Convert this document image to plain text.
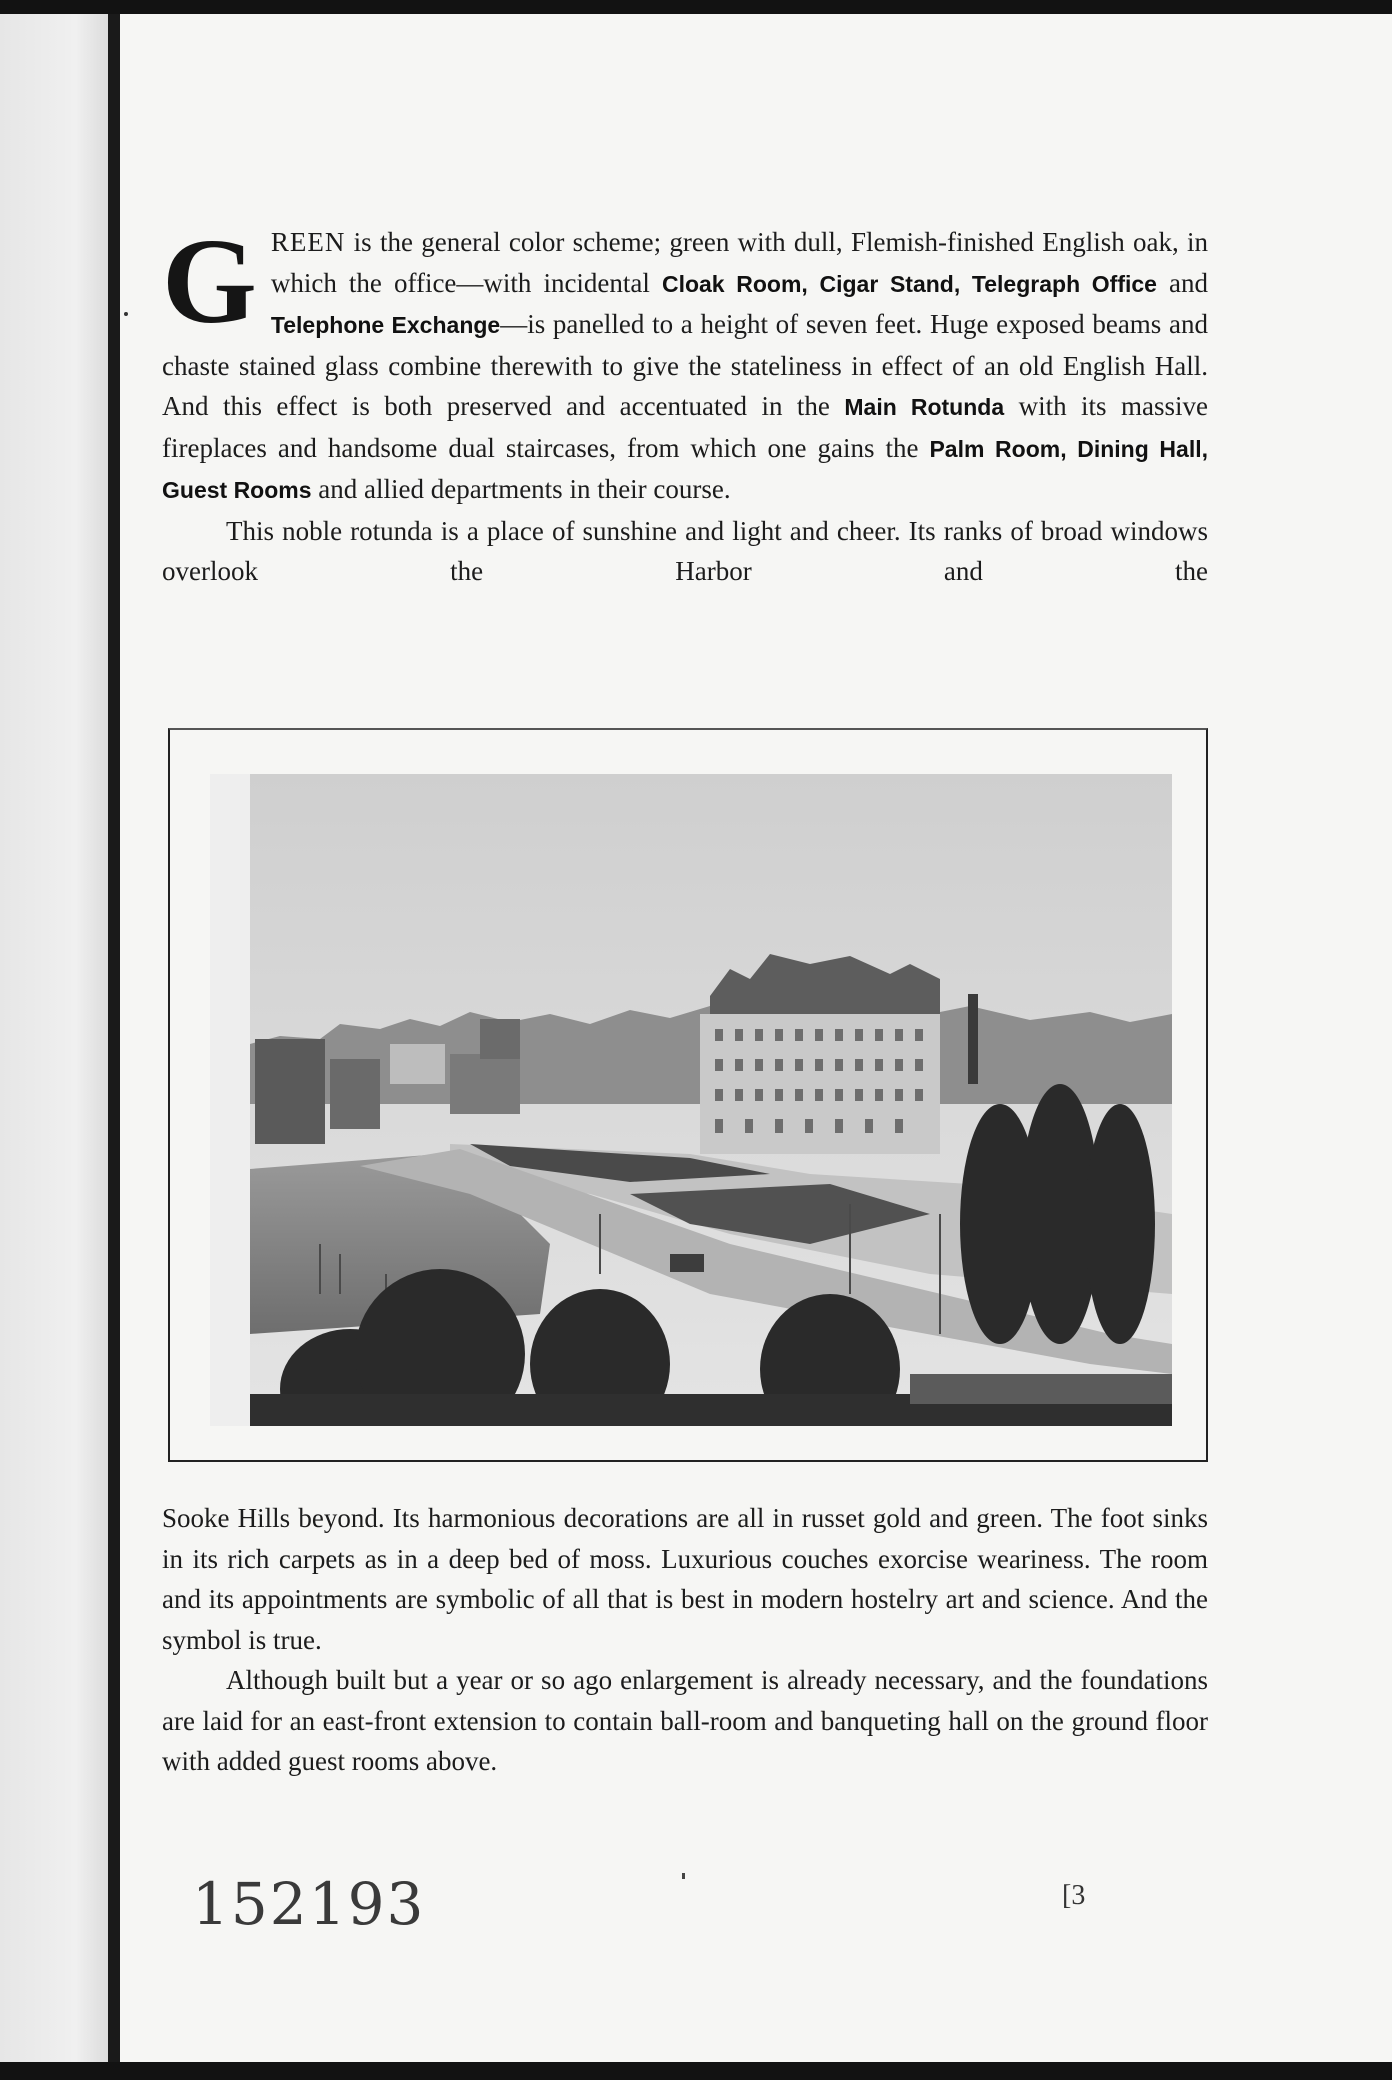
GREEN is the general color scheme; green with dull, Flemish-finished English oak, in which the office—with incidental Cloak Room, Cigar Stand, Telegraph Office and Telephone Exchange—is panelled to a height of seven feet. Huge exposed beams and chaste stained glass combine therewith to give the stateliness in effect of an old English Hall. And this effect is both preserved and accentuated in the Main Rotunda with its massive fireplaces and handsome dual staircases, from which one gains the Palm Room, Dining Hall, Guest Rooms and allied departments in their course.

This noble rotunda is a place of sunshine and light and cheer. Its ranks of broad windows overlook the Harbor and the

Sooke Hills beyond. Its harmonious decorations are all in russet gold and green. The foot sinks in its rich carpets as in a deep bed of moss. Luxurious couches exorcise weariness. The room and its appointments are symbolic of all that is best in modern hostelry art and science. And the symbol is true.

Although built but a year or so ago enlargement is already necessary, and the foundations are laid for an east-front extension to contain ball-room and banqueting hall on the ground floor with added guest rooms above.

152193	[3
